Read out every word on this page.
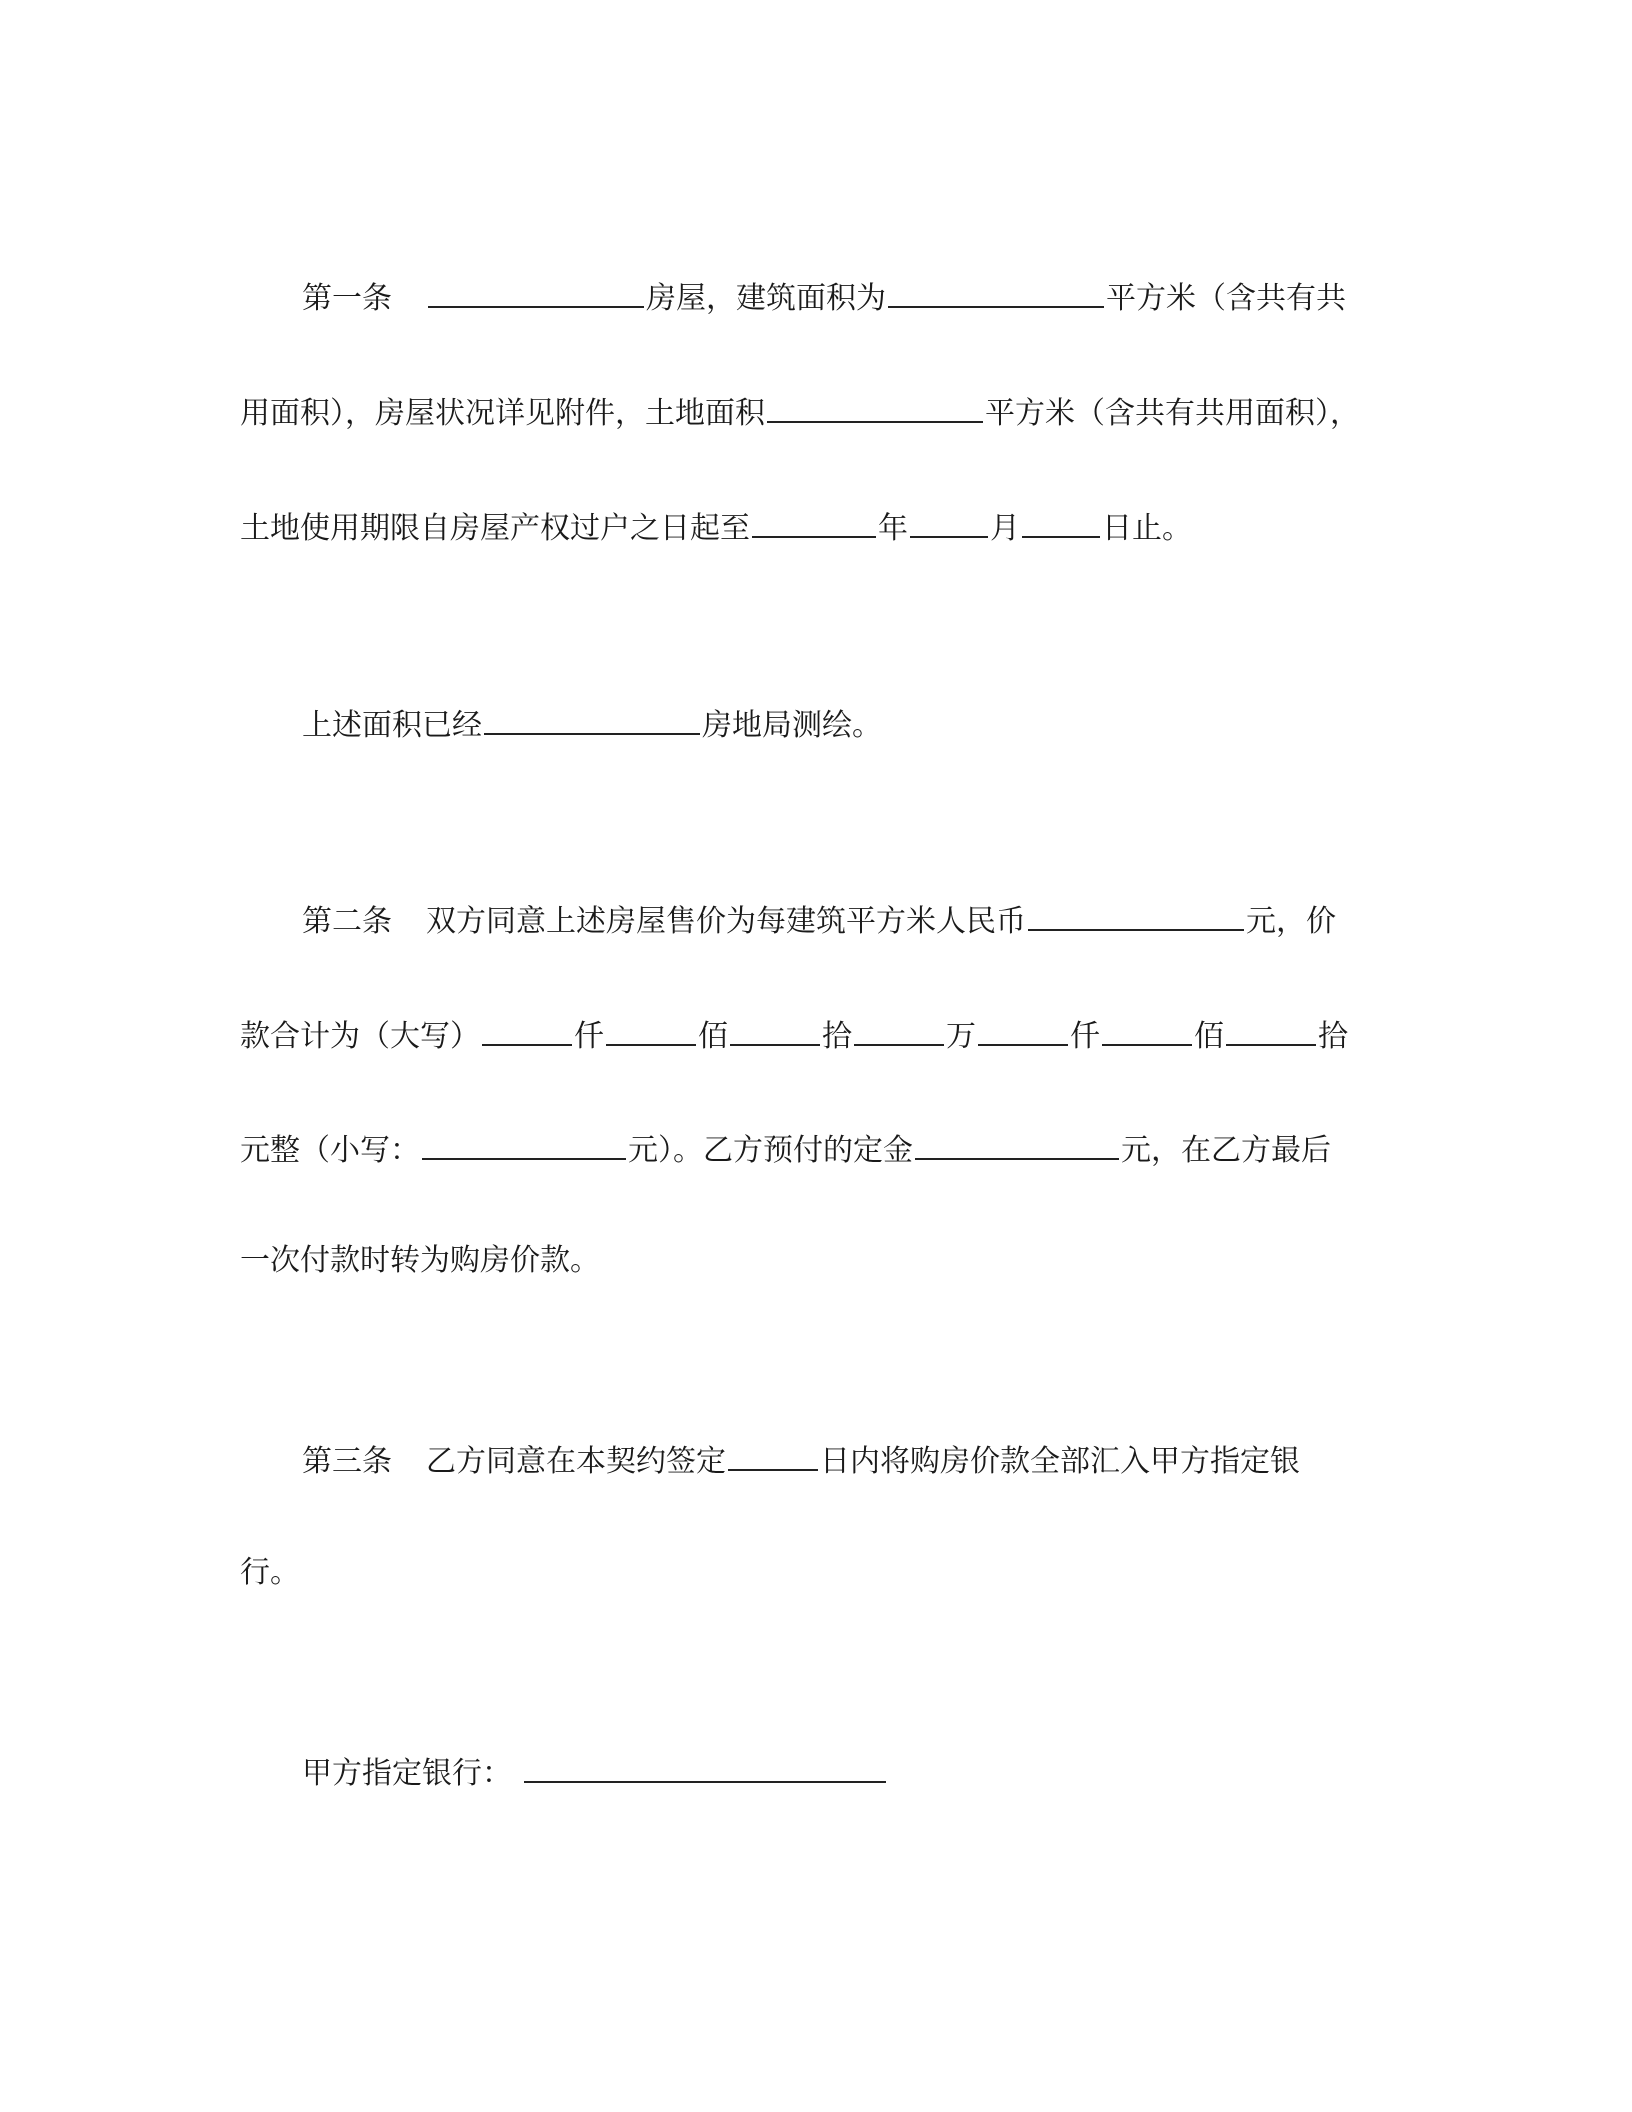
第一条	房屋，建筑面积为	平方米（含共有共
用面积），房屋状况详见附件，土地面积	平方米（含共有共用面积），
土地使用期限自房屋产权过户之日起至	年	月	日止。
上述面积已经	房地局测绘。
第二条 双方同意上述房屋售价为每建筑平方米人民币	元，价
款合计为（大写）	仟	佰	拾	万	仟	佰	拾
元整（小写：	元）。乙方预付的定金	元，在乙方最后
一次付款时转为购房价款。
第三条 乙方同意在本契约签定	日内将购房价款全部汇入甲方指定银
行。
甲方指定银行：
